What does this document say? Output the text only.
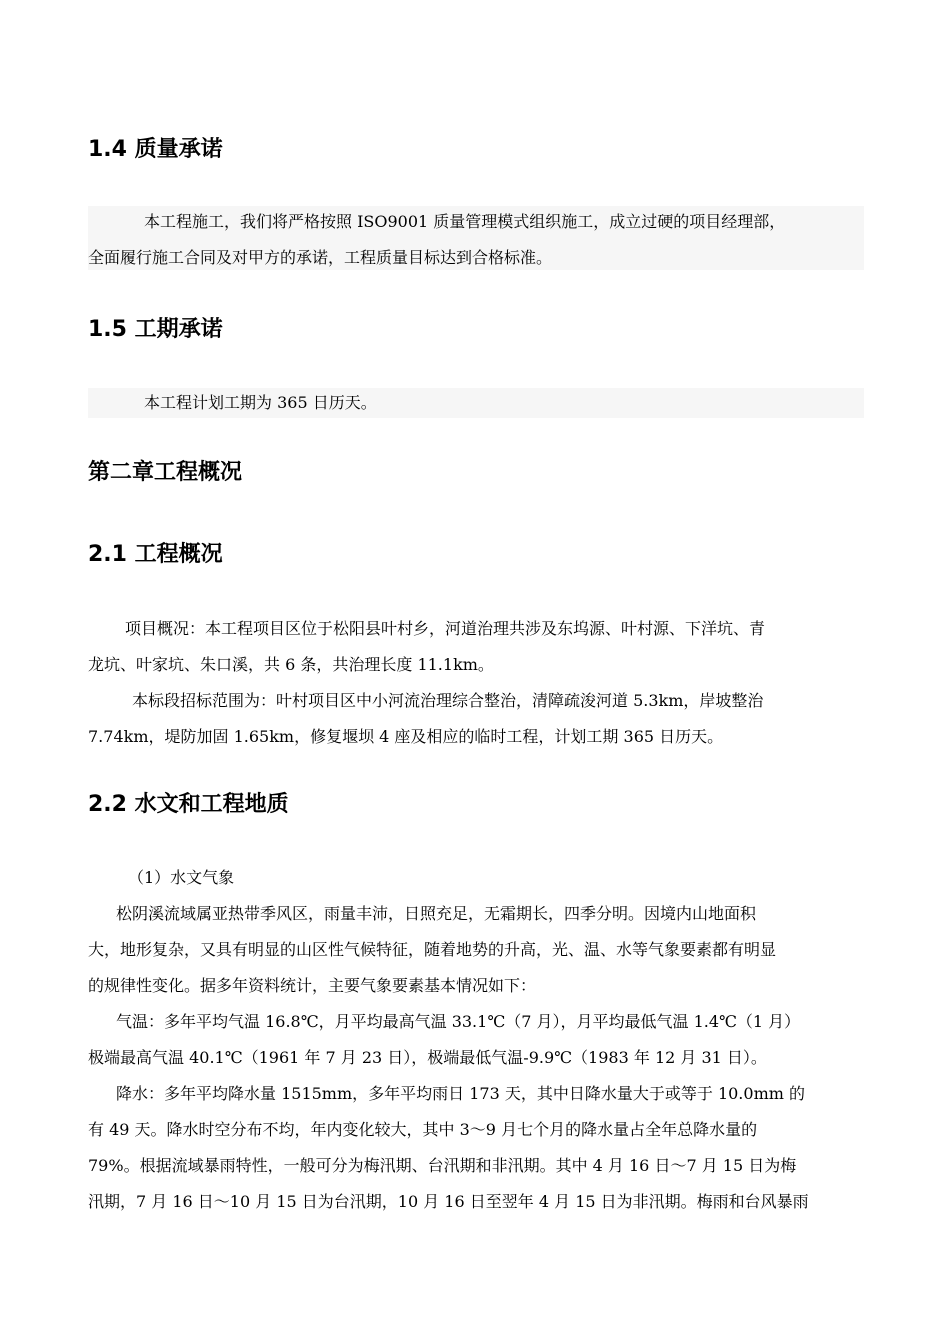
1.4 质量承诺

本工程施工，我们将严格按照 ISO9001 质量管理模式组织施工，成立过硬的项目经理部，
全面履行施工合同及对甲方的承诺，工程质量目标达到合格标准。

1.5 工期承诺

本工程计划工期为 365 日历天。

第二章工程概况
2.1 工程概况

项目概况：本工程项目区位于松阳县叶村乡，河道治理共涉及东坞源、叶村源、下洋坑、青
龙坑、叶家坑、朱口溪，共 6 条，共治理长度 11.1km。

本标段招标范围为：叶村项目区中小河流治理综合整治，清障疏浚河道 5.3km，岸坡整治
7.74km，堤防加固 1.65km，修复堰坝 4 座及相应的临时工程，计划工期 365 日历天。

2.2 水文和工程地质

（1）水文气象

松阴溪流域属亚热带季风区，雨量丰沛，日照充足，无霜期长，四季分明。因境内山地面积
大，地形复杂，又具有明显的山区性气候特征，随着地势的升高，光、温、水等气象要素都有明显
的规律性变化。据多年资料统计，主要气象要素基本情况如下：

气温：多年平均气温 16.8℃，月平均最高气温 33.1℃（7 月），月平均最低气温 1.4℃（1 月）
极端最高气温 40.1℃（1961 年 7 月 23 日），极端最低气温-9.9℃（1983 年 12 月 31 日）。

降水：多年平均降水量 1515mm，多年平均雨日 173 天，其中日降水量大于或等于 10.0mm 的
有 49 天。降水时空分布不均，年内变化较大，其中 3～9 月七个月的降水量占全年总降水量的
79%。根据流域暴雨特性，一般可分为梅汛期、台汛期和非汛期。其中 4 月 16 日～7 月 15 日为梅
汛期，7 月 16 日～10 月 15 日为台汛期，10 月 16 日至翌年 4 月 15 日为非汛期。梅雨和台风暴雨
